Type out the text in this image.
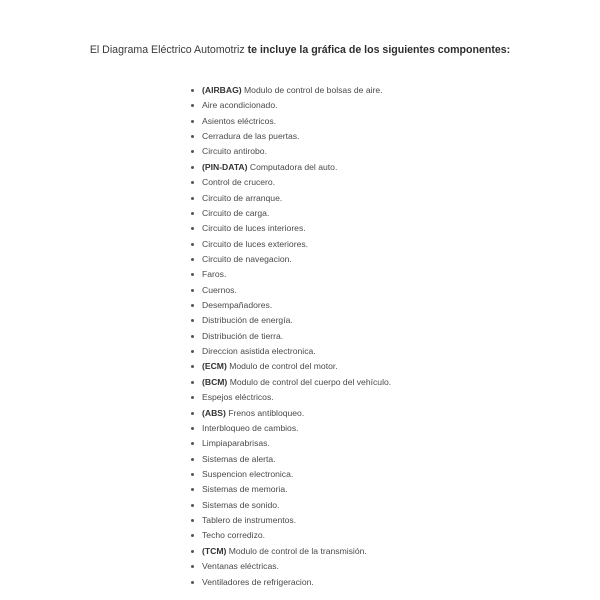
El Diagrama Eléctrico Automotriz te incluye la gráfica de los siguientes componentes:
(AIRBAG) Modulo de control de bolsas de aire.
Aire acondicionado.
Asientos eléctricos.
Cerradura de las puertas.
Circuito antirobo.
(PIN-DATA) Computadora del auto.
Control de crucero.
Circuito de arranque.
Circuito de carga.
Circuito de luces interiores.
Circuito de luces exteriores.
Circuito de navegacion.
Faros.
Cuernos.
Desempañadores.
Distribución de energía.
Distribución de tierra.
Direccion asistida electronica.
(ECM) Modulo de control del motor.
(BCM) Modulo de control del cuerpo del vehículo.
Espejos eléctricos.
(ABS) Frenos antibloqueo.
Interbloqueo de cambios.
Limpiaparabrisas.
Sistemas de alerta.
Suspencion electronica.
Sistemas de memoria.
Sistemas de sonido.
Tablero de instrumentos.
Techo corredizo.
(TCM) Modulo de control de la transmisión.
Ventanas eléctricas.
Ventiladores de refrigeracion.
